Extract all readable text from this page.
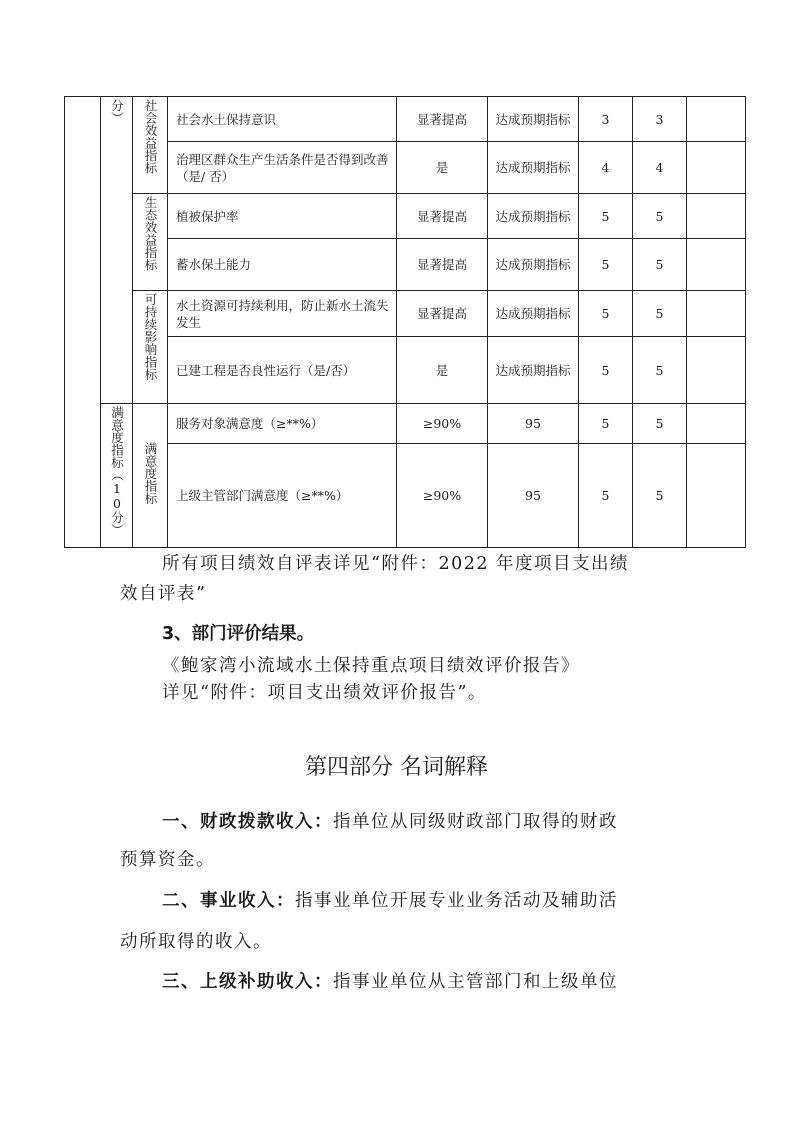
	分）	社会效益指标	社会水土保持意识	显著提高	达成预期指标	3	3	
			治理区群众生产生活条件是否得到改善（是/ 否）	是	达成预期指标	4	4	
		生态效益指标	植被保护率	显著提高	达成预期指标	5	5	
			蓄水保土能力	显著提高	达成预期指标	5	5	
		可持续影响指标	水土资源可持续利用，防止新水土流失发生	显著提高	达成预期指标	5	5	
			已建工程是否良性运行（是/否）	是	达成预期指标	5	5	
	满意度指标（10分）	满意度指标	服务对象满意度（≥**%）	≥90%	95	5	5	
			上级主管部门满意度（≥**%）	≥90%	95	5	5	
所有项目绩效自评表详见“附件：2022 年度项目支出绩
效自评表”
3、部门评价结果。
《鲍家湾小流域水土保持重点项目绩效评价报告》
详见“附件：项目支出绩效评价报告”。
第四部分 名词解释
一、财政拨款收入：指单位从同级财政部门取得的财政
预算资金。
二、事业收入：指事业单位开展专业业务活动及辅助活
动所取得的收入。
三、上级补助收入：指事业单位从主管部门和上级单位
